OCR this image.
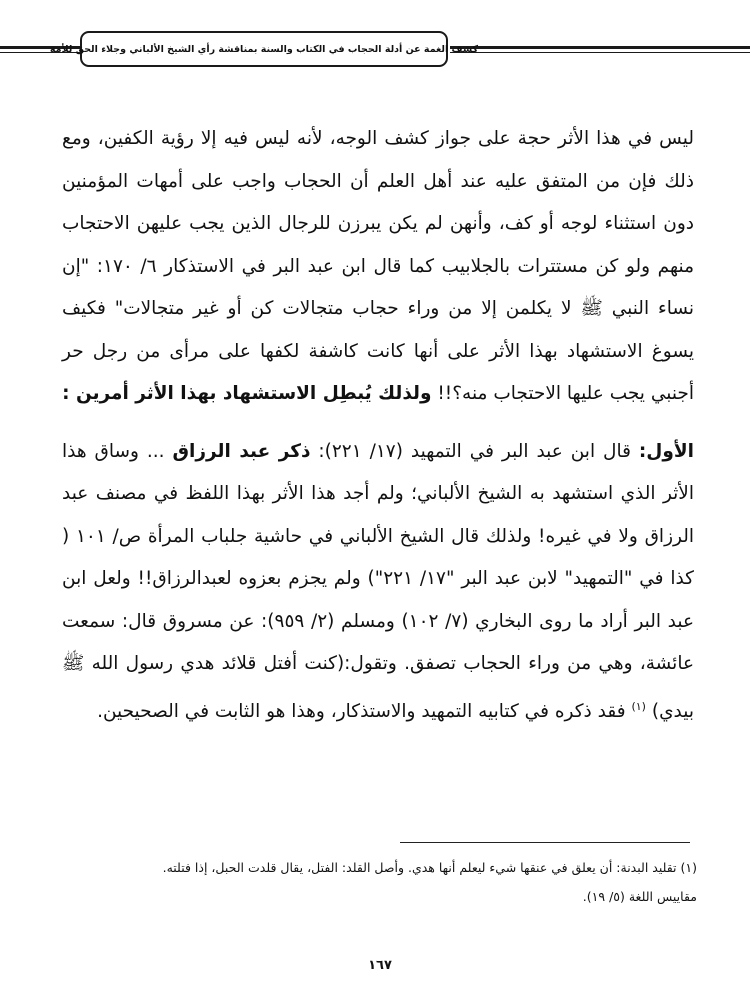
كشف الغمة عن أدلة الحجاب في الكتاب والسنة بمناقشة رأي الشيخ الألباني وجلاء الحق للأمة

ليس في هذا الأثر حجة على جواز كشف الوجه، لأنه ليس فيه إلا رؤية الكفين، ومع ذلك فإن من المتفق عليه عند أهل العلم أن الحجاب واجب على أمهات المؤمنين دون استثناء لوجه أو كف، وأنهن لم يكن يبرزن للرجال الذين يجب عليهن الاحتجاب منهم ولو كن مستترات بالجلابيب كما قال ابن عبد البر في الاستذكار ٦/ ١٧٠: "إن نساء النبي ﷺ لا يكلمن إلا من وراء حجاب متجالات كن أو غير متجالات" فكيف يسوغ الاستشهاد بهذا الأثر على أنها كانت كاشفة لكفها على مرأى من رجل حر أجنبي يجب عليها الاحتجاب منه؟!! ولذلك يُبطِل الاستشهاد بهذا الأثر أمرين :

الأول: قال ابن عبد البر في التمهيد (١٧/ ٢٢١): ذكر عبد الرزاق ... وساق هذا الأثر الذي استشهد به الشيخ الألباني؛ ولم أجد هذا الأثر بهذا اللفظ في مصنف عبد الرزاق ولا في غيره! ولذلك قال الشيخ الألباني في حاشية جلباب المرأة ص/ ١٠١ ( كذا في "التمهيد" لابن عبد البر "١٧/ ٢٢١") ولم يجزم بعزوه لعبدالرزاق!! ولعل ابن عبد البر أراد ما روى البخاري (٧/ ١٠٢) ومسلم (٢/ ٩٥٩): عن مسروق قال: سمعت عائشة، وهي من وراء الحجاب تصفق. وتقول:(كنت أفتل قلائد هدي رسول الله ﷺ بيدي) $^{(١)}$ فقد ذكره في كتابيه التمهيد والاستذكار، وهذا هو الثابت في الصحيحين.

(١) تقليد البدنة: أن يعلق في عنقها شيء ليعلم أنها هدي. وأصل القلد: الفتل، يقال قلدت الحبل، إذا فتلته.

مقاييس اللغة (٥/ ١٩).

١٦٧
